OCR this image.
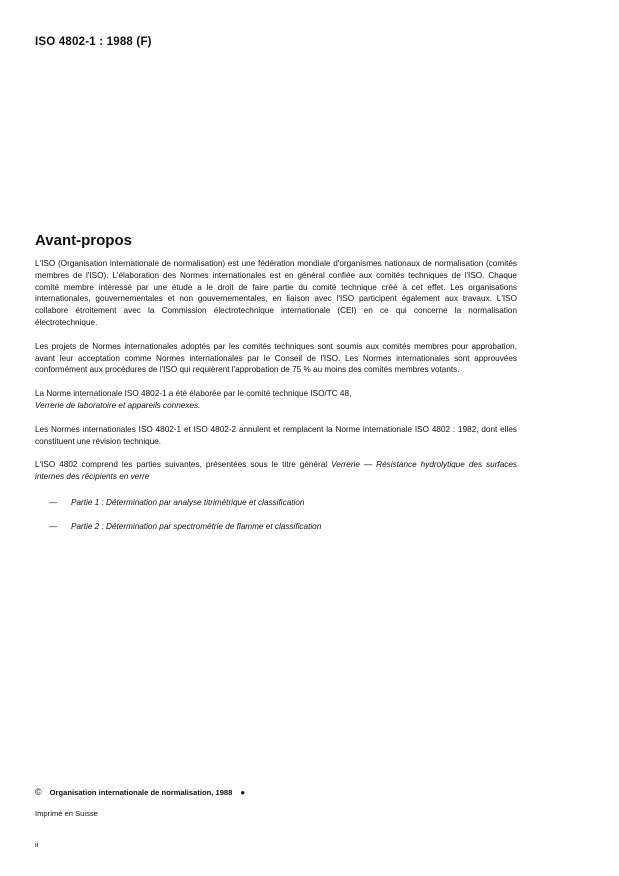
ISO 4802-1 : 1988 (F)
Avant-propos

L'ISO (Organisation internationale de normalisation) est une fédération mondiale d'organismes nationaux de normalisation (comités membres de l'ISO). L'élaboration des Normes internationales est en général confiée aux comités techniques de l'ISO. Chaque comité membre intéressé par une étude a le droit de faire partie du comité technique créé à cet effet. Les organisations internationales, gouvernementales et non gouvernementales, en liaison avec l'ISO participent également aux travaux. L'ISO collabore étroitement avec la Commission électrotechnique internationale (CEI) en ce qui concerne la normalisation électrotechnique.

Les projets de Normes internationales adoptés par les comités techniques sont soumis aux comités membres pour approbation, avant leur acceptation comme Normes internationales par le Conseil de l'ISO. Les Normes internationales sont approuvées conformément aux procédures de l'ISO qui requièrent l'approbation de 75 % au moins des comités membres votants.

La Norme internationale ISO 4802-1 a été élaborée par le comité technique ISO/TC 48,
Verrerie de laboratoire et appareils connexes.

Les Normes internationales ISO 4802-1 et ISO 4802-2 annulent et remplacent la Norme internationale ISO 4802 : 1982, dont elles constituent une révision technique.

L'ISO 4802 comprend les parties suivantes, présentées sous le titre général Verrerie — Résistance hydrolytique des surfaces internes des récipients en verre

—	Partie 1 : Détermination par analyse titrimétrique et classification
—	Partie 2 : Détermination par spectrométrie de flamme et classification
© Organisation internationale de normalisation, 1988 ●
Imprimé en Suisse
ii
